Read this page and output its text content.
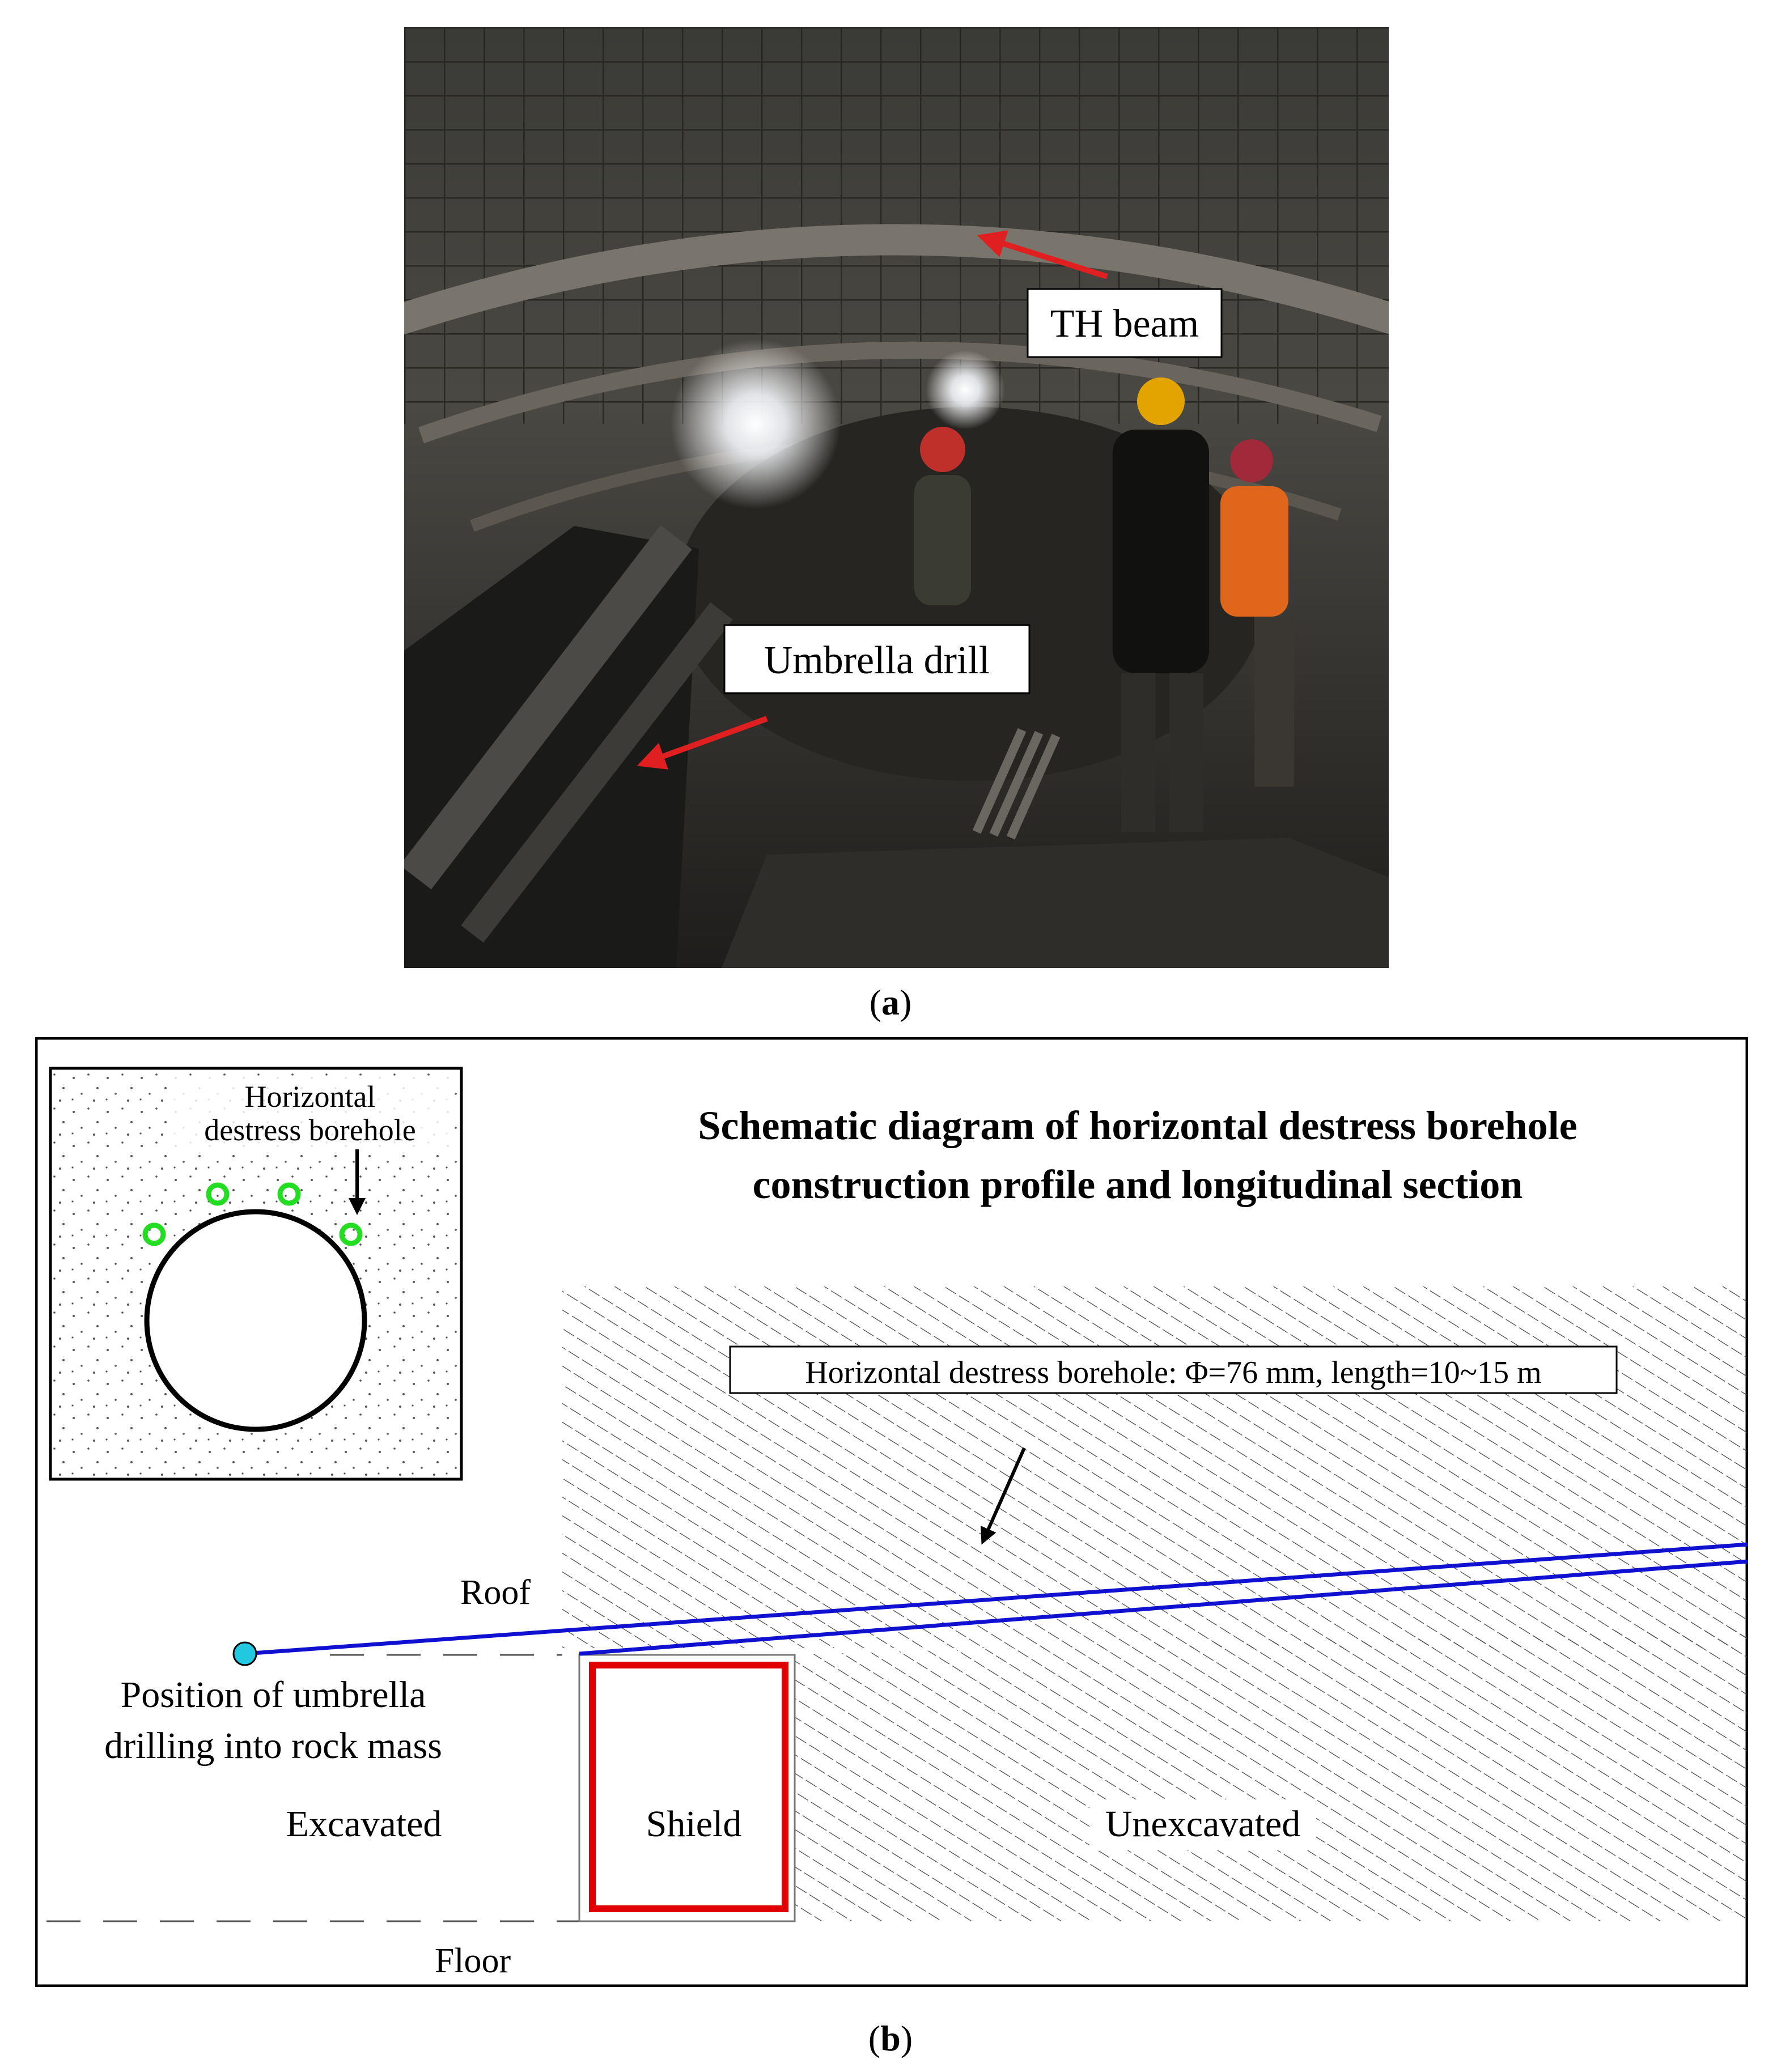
TH beam
Umbrella drill
(a)
Horizontal destress borehole: Φ=76 mm, length=10~15 m
Schematic diagram of horizontal destress borehole
construction profile and longitudinal section
Horizontal
destress borehole
Roof
Floor
Position of umbrella
drilling into rock mass
Excavated	Shield	Unexcavated
(b)
